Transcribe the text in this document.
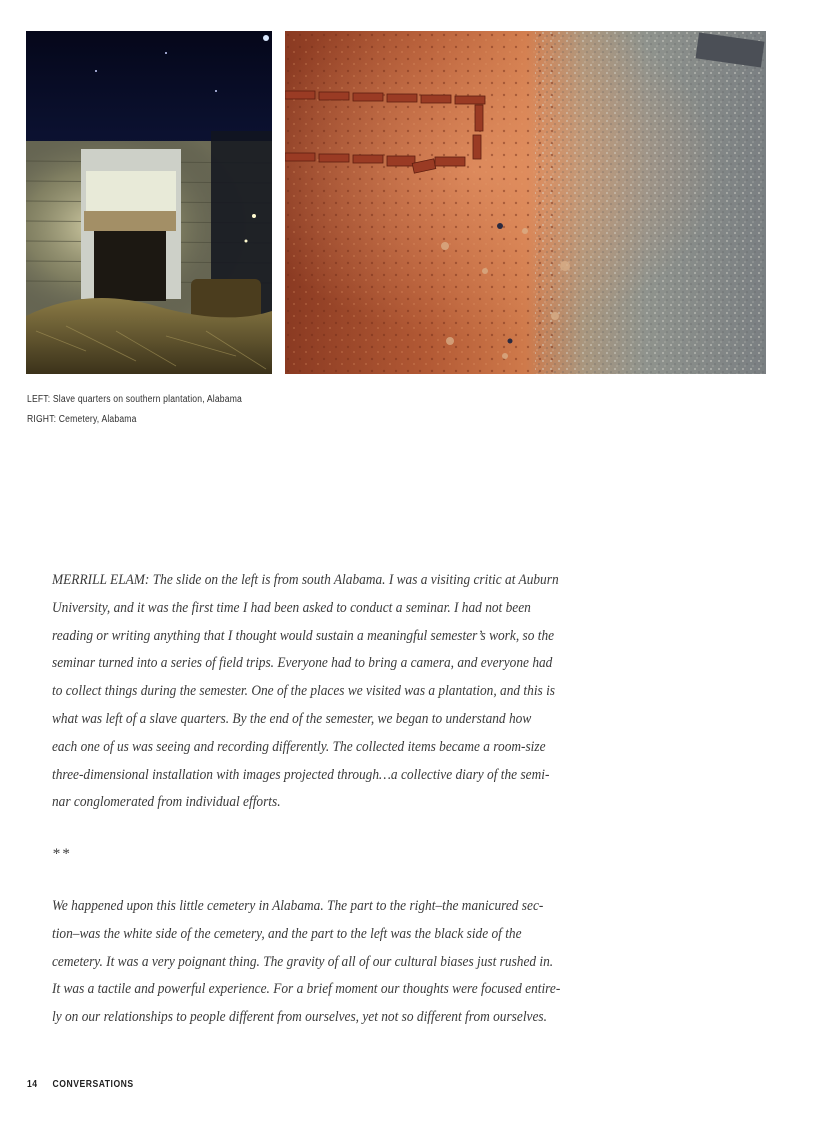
LEFT: Slave quarters on southern plantation, Alabama
RIGHT: Cemetery, Alabama
MERRILL ELAM: The slide on the left is from south Alabama. I was a visiting critic at Auburn
University, and it was the first time I had been asked to conduct a seminar. I had not been
reading or writing anything that I thought would sustain a meaningful semester’s work, so the
seminar turned into a series of field trips. Everyone had to bring a camera, and everyone had
to collect things during the semester. One of the places we visited was a plantation, and this is
what was left of a slave quarters. By the end of the semester, we began to understand how
each one of us was seeing and recording differently. The collected items became a room-size
three-dimensional installation with images projected through…a collective diary of the semi-
nar conglomerated from individual efforts.
**
We happened upon this little cemetery in Alabama. The part to the right–the manicured sec-
tion–was the white side of the cemetery, and the part to the left was the black side of the
cemetery. It was a very poignant thing. The gravity of all of our cultural biases just rushed in.
It was a tactile and powerful experience. For a brief moment our thoughts were focused entire-
ly on our relationships to people different from ourselves, yet not so different from ourselves.
14 CONVERSATIONS
